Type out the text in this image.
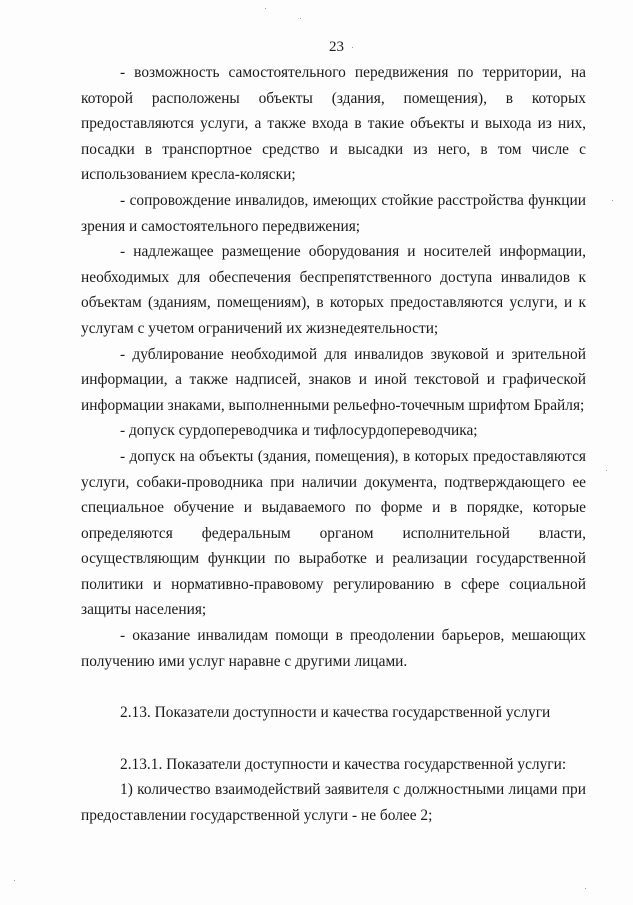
23

- возможность самостоятельного передвижения по территории, на которой расположены объекты (здания, помещения), в которых предоставляются услуги, а также входа в такие объекты и выхода из них, посадки в транспортное средство и высадки из него, в том числе с использованием кресла-коляски;

- сопровождение инвалидов, имеющих стойкие расстройства функции зрения и самостоятельного передвижения;

- надлежащее размещение оборудования и носителей информации, необходимых для обеспечения беспрепятственного доступа инвалидов к объектам (зданиям, помещениям), в которых предоставляются услуги, и к услугам с учетом ограничений их жизнедеятельности;

- дублирование необходимой для инвалидов звуковой и зрительной информации, а также надписей, знаков и иной текстовой и графической информации знаками, выполненными рельефно-точечным шрифтом Брайля;

- допуск сурдопереводчика и тифлосурдопереводчика;

- допуск на объекты (здания, помещения), в которых предоставляются услуги, собаки-проводника при наличии документа, подтверждающего ее специальное обучение и выдаваемого по форме и в порядке, которые определяются федеральным органом исполнительной власти, осуществляющим функции по выработке и реализации государственной политики и нормативно-правовому регулированию в сфере социальной защиты населения;

- оказание инвалидам помощи в преодолении барьеров, мешающих получению ими услуг наравне с другими лицами.

2.13. Показатели доступности и качества государственной услуги

2.13.1. Показатели доступности и качества государственной услуги:

1) количество взаимодействий заявителя с должностными лицами при предоставлении государственной услуги - не более 2;
